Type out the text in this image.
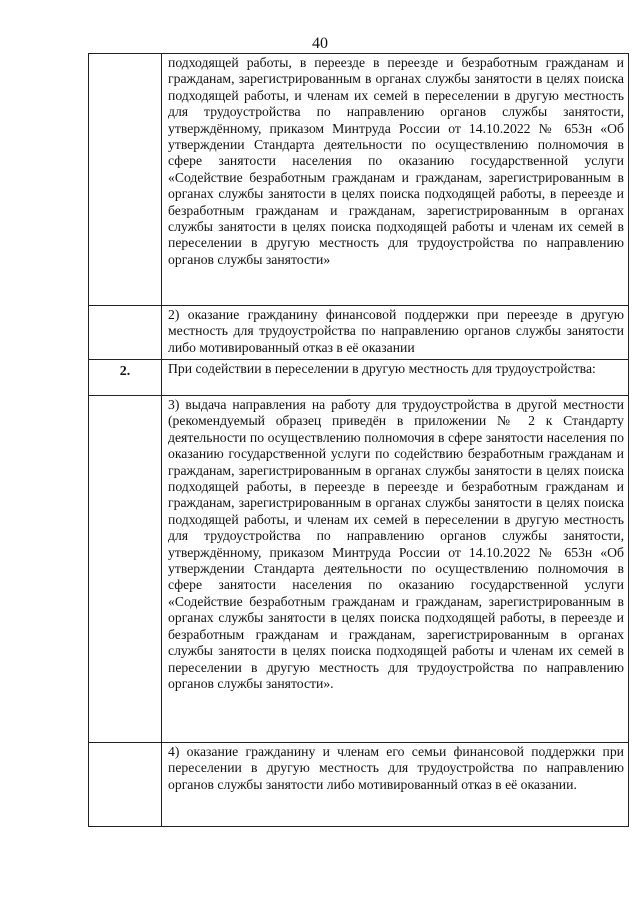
40
	подходящей работы, в переезде в переезде и безработным гражданам и гражданам, зарегистрированным в органах службы занятости в целях поиска подходящей работы, и членам их семей в переселении в другую местность для трудоустройства по направлению органов службы занятости, утверждённому, приказом Минтруда России от 14.10.2022 № 653н «Об утверждении Стандарта деятельности по осуществлению полномочия в сфере занятости населения по оказанию государственной услуги «Содействие безработным гражданам и гражданам, зарегистрированным в органах службы занятости в целях поиска подходящей работы, в переезде и безработным гражданам и гражданам, зарегистрированным в органах службы занятости в целях поиска подходящей работы и членам их семей в переселении в другую местность для трудоустройства по направлению органов службы занятости»
	2) оказание гражданину финансовой поддержки при переезде в другую местность для трудоустройства по направлению органов службы занятости либо мотивированный отказ в её оказании
2.	При содействии в переселении в другую местность для трудоустройства:
	3) выдача направления на работу для трудоустройства в другой местности (рекомендуемый образец приведён в приложении № 2 к Стандарту деятельности по осуществлению полномочия в сфере занятости населения по оказанию государственной услуги по содействию безработным гражданам и гражданам, зарегистрированным в органах службы занятости в целях поиска подходящей работы, в переезде в переезде и безработным гражданам и гражданам, зарегистрированным в органах службы занятости в целях поиска подходящей работы, и членам их семей в переселении в другую местность для трудоустройства по направлению органов службы занятости, утверждённому, приказом Минтруда России от 14.10.2022 № 653н «Об утверждении Стандарта деятельности по осуществлению полномочия в сфере занятости населения по оказанию государственной услуги «Содействие безработным гражданам и гражданам, зарегистрированным в органах службы занятости в целях поиска подходящей работы, в переезде и безработным гражданам и гражданам, зарегистрированным в органах службы занятости в целях поиска подходящей работы и членам их семей в переселении в другую местность для трудоустройства по направлению органов службы занятости».
	4) оказание гражданину и членам его семьи финансовой поддержки при переселении в другую местность для трудоустройства по направлению органов службы занятости либо мотивированный отказ в её оказании.
